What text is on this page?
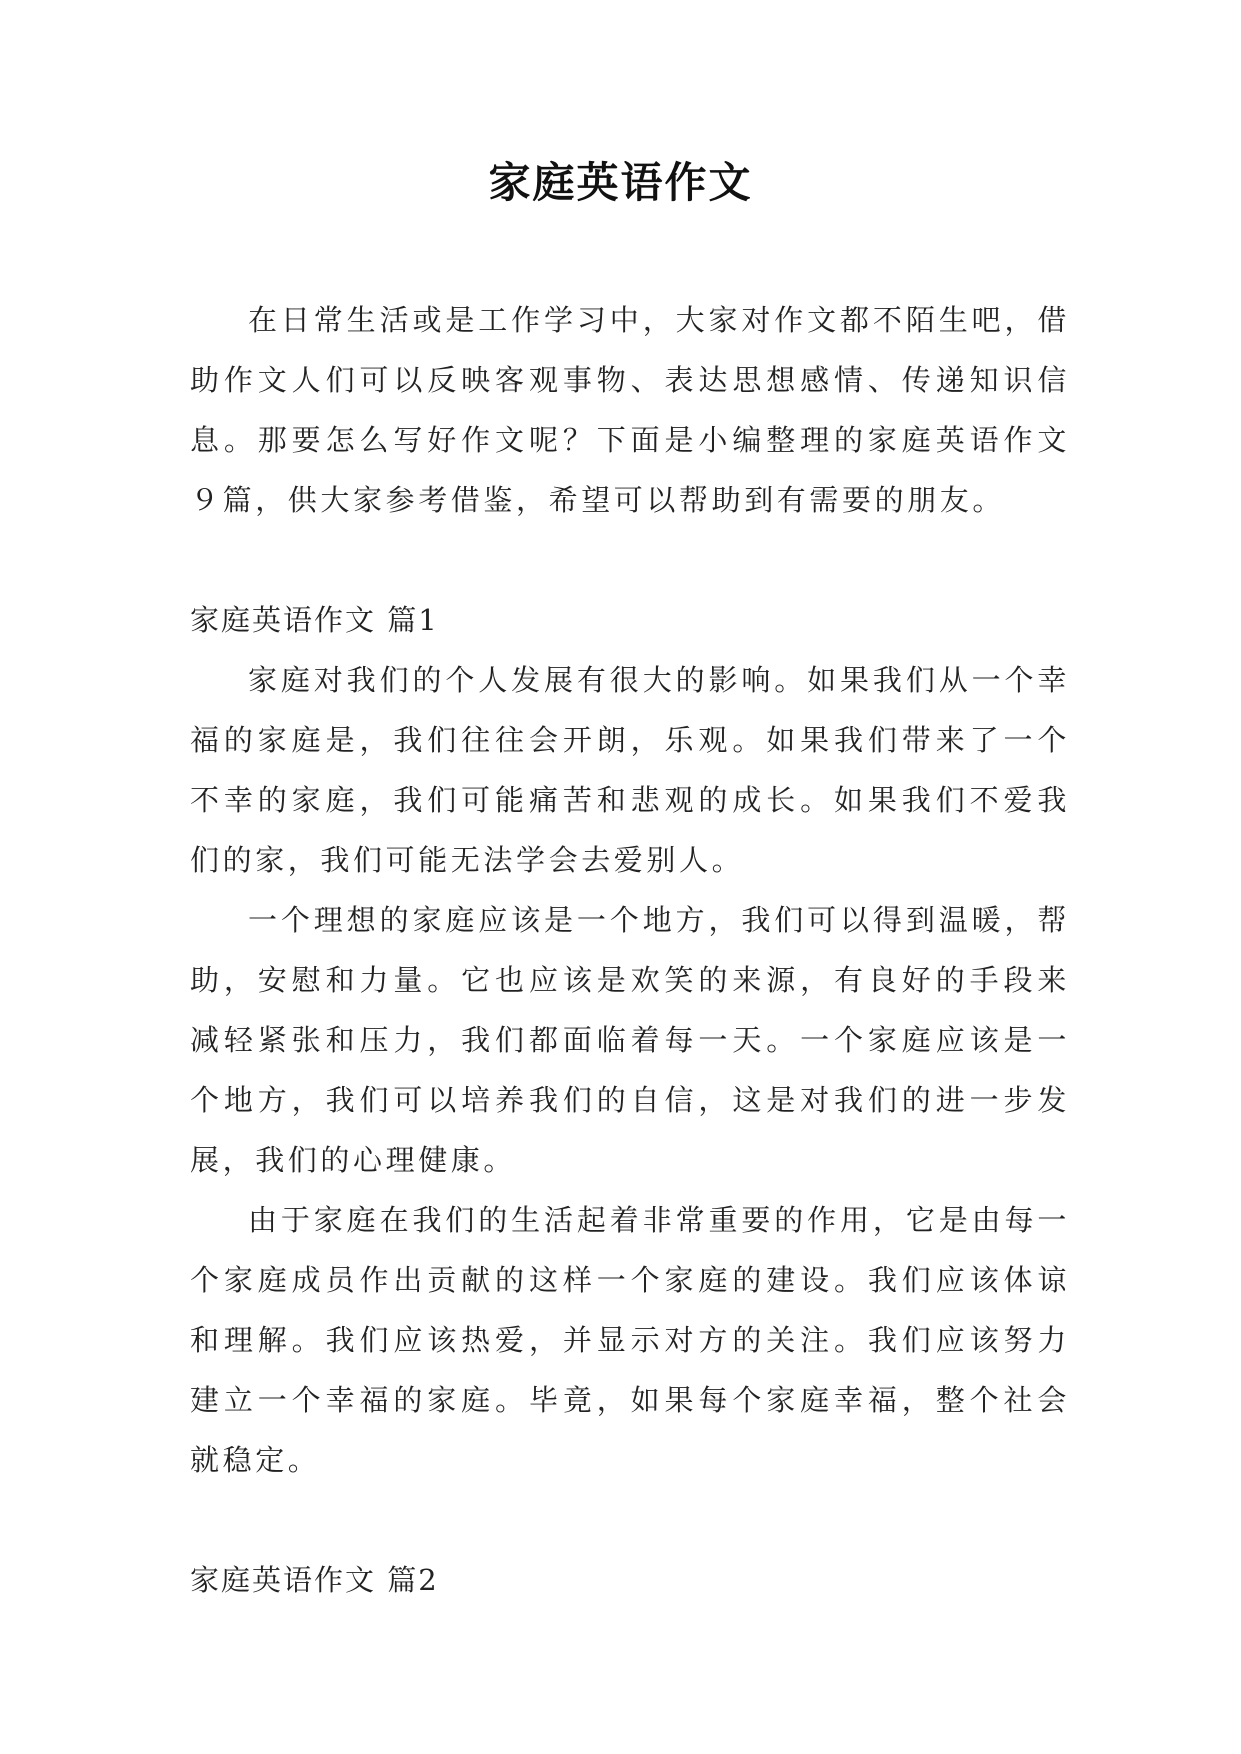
家庭英语作文

在日常生活或是工作学习中，大家对作文都不陌生吧，借助作文人们可以反映客观事物、表达思想感情、传递知识信息。那要怎么写好作文呢？下面是小编整理的家庭英语作文９篇，供大家参考借鉴，希望可以帮助到有需要的朋友。

家庭英语作文 篇1

家庭对我们的个人发展有很大的影响。如果我们从一个幸福的家庭是，我们往往会开朗，乐观。如果我们带来了一个不幸的家庭，我们可能痛苦和悲观的成长。如果我们不爱我们的家，我们可能无法学会去爱别人。

一个理想的家庭应该是一个地方，我们可以得到温暖，帮助，安慰和力量。它也应该是欢笑的来源，有良好的手段来减轻紧张和压力，我们都面临着每一天。一个家庭应该是一个地方，我们可以培养我们的自信，这是对我们的进一步发展，我们的心理健康。

由于家庭在我们的生活起着非常重要的作用，它是由每一个家庭成员作出贡献的这样一个家庭的建设。我们应该体谅和理解。我们应该热爱，并显示对方的关注。我们应该努力建立一个幸福的家庭。毕竟，如果每个家庭幸福，整个社会就稳定。

家庭英语作文 篇2
